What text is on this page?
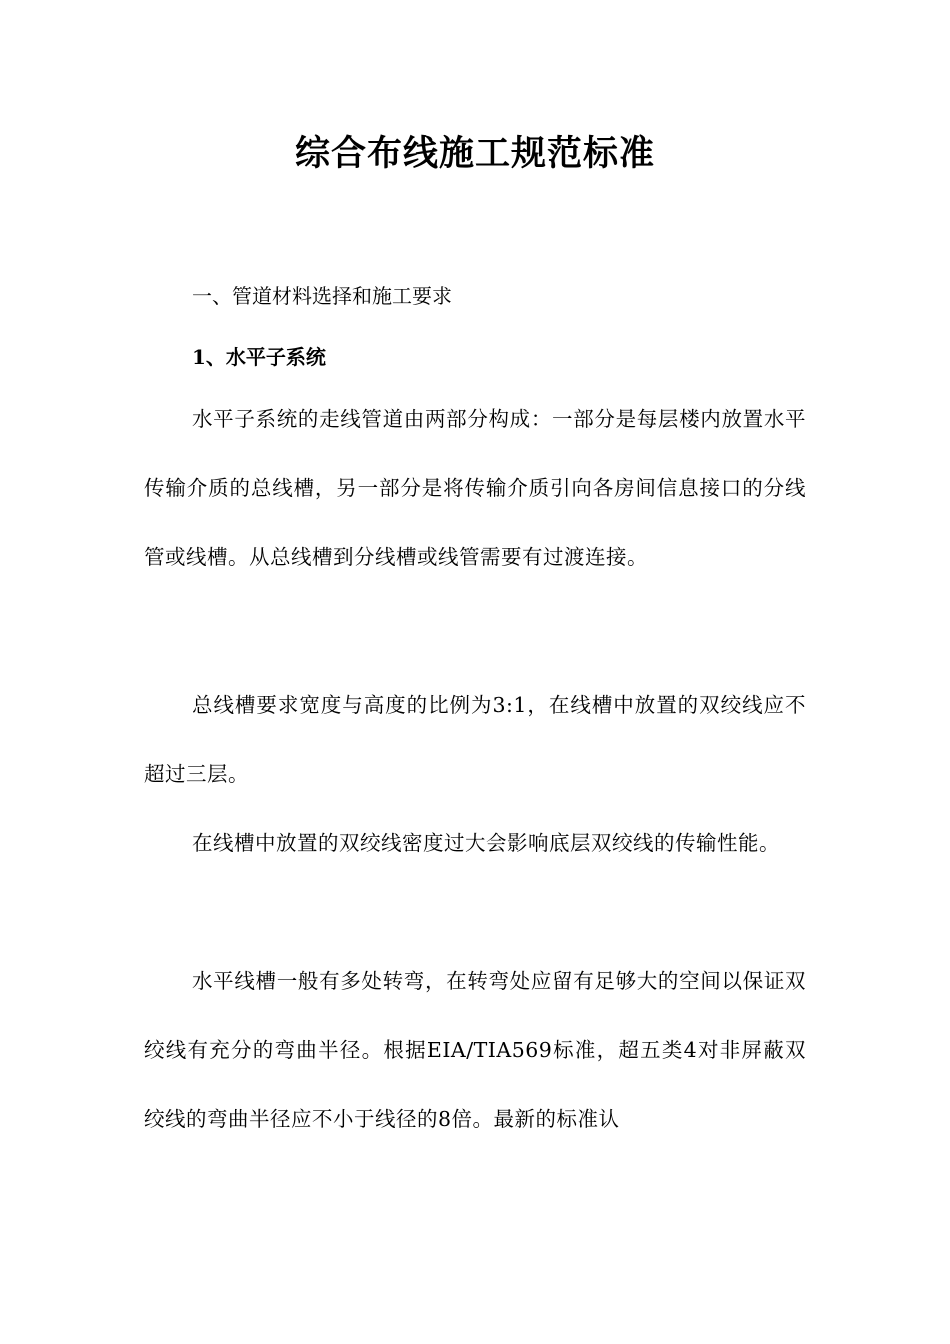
综合布线施工规范标准
一、管道材料选择和施工要求
1、水平子系统

水平子系统的走线管道由两部分构成：一部分是每层楼内放置水平传输介质的总线槽，另一部分是将传输介质引向各房间信息接口的分线管或线槽。从总线槽到分线槽或线管需要有过渡连接。

总线槽要求宽度与高度的比例为3:1，在线槽中放置的双绞线应不超过三层。

在线槽中放置的双绞线密度过大会影响底层双绞线的传输性能。

水平线槽一般有多处转弯，在转弯处应留有足够大的空间以保证双绞线有充分的弯曲半径。根据EIA/TIA569标准，超五类4对非屏蔽双绞线的弯曲半径应不小于线径的8倍。最新的标准认
